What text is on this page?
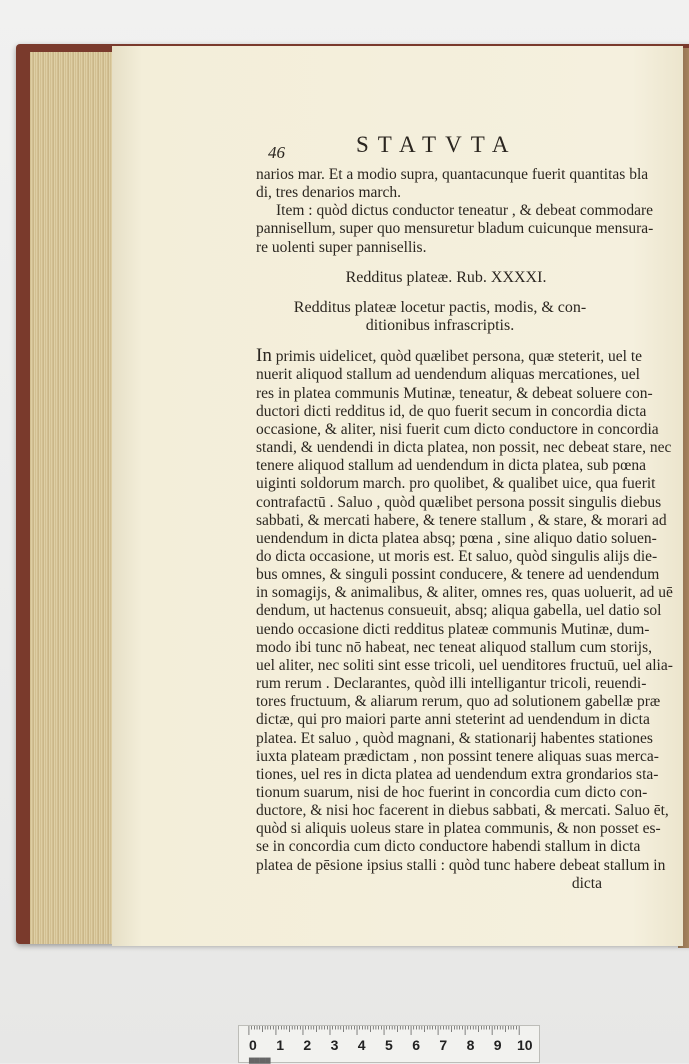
46	STATVTA
narios mar. Et a modio supra, quantacunque fuerit quantitas bla
di, tres denarios march.
Item : quòd dictus conductor teneatur , & debeat commodare
pannisellum, super quo mensuretur bladum cuicunque mensura-
re uolenti super pannisellis.
Redditus plateæ. Rub. XXXXI.
Redditus plateæ locetur pactis, modis, & con-
ditionibus infrascriptis.
In primis uidelicet, quòd quælibet persona, quæ steterit, uel te
nuerit aliquod stallum ad uendendum aliquas mercationes, uel
res in platea communis Mutinæ, teneatur, & debeat soluere con-
ductori dicti redditus id, de quo fuerit secum in concordia dicta
occasione, & aliter, nisi fuerit cum dicto conductore in concordia
standi, & uendendi in dicta platea, non possit, nec debeat stare, nec
tenere aliquod stallum ad uendendum in dicta platea, sub pœna
uiginti soldorum march. pro quolibet, & qualibet uice, qua fuerit
contrafactū . Saluo , quòd quælibet persona possit singulis diebus
sabbati, & mercati habere, & tenere stallum , & stare, & morari ad
uendendum in dicta platea absq; pœna , sine aliquo datio soluen-
do dicta occasione, ut moris est. Et saluo, quòd singulis alijs die-
bus omnes, & singuli possint conducere, & tenere ad uendendum
in somagijs, & animalibus, & aliter, omnes res, quas uoluerit, ad uē
dendum, ut hactenus consueuit, absq; aliqua gabella, uel datio sol
uendo occasione dicti redditus plateæ communis Mutinæ, dum-
modo ibi tunc nō habeat, nec teneat aliquod stallum cum storijs,
uel aliter, nec soliti sint esse tricoli, uel uenditores fructuū, uel alia-
rum rerum . Declarantes, quòd illi intelligantur tricoli, reuendi-
tores fructuum, & aliarum rerum, quo ad solutionem gabellæ præ
dictæ, qui pro maiori parte anni steterint ad uendendum in dicta
platea. Et saluo , quòd magnani, & stationarij habentes stationes
iuxta plateam prædictam , non possint tenere aliquas suas merca-
tiones, uel res in dicta platea ad uendendum extra grondarios sta-
tionum suarum, nisi de hoc fuerint in concordia cum dicto con-
ductore, & nisi hoc facerent in diebus sabbati, & mercati. Saluo ēt,
quòd si aliquis uoleus stare in platea communis, & non posset es-
se in concordia cum dicto conductore habendi stallum in dicta
platea de pēsione ipsius stalli : quòd tunc habere debeat stallum in
dicta
0 1 2 3 4 5 6 7 8 9 10
▆▆▆▆
